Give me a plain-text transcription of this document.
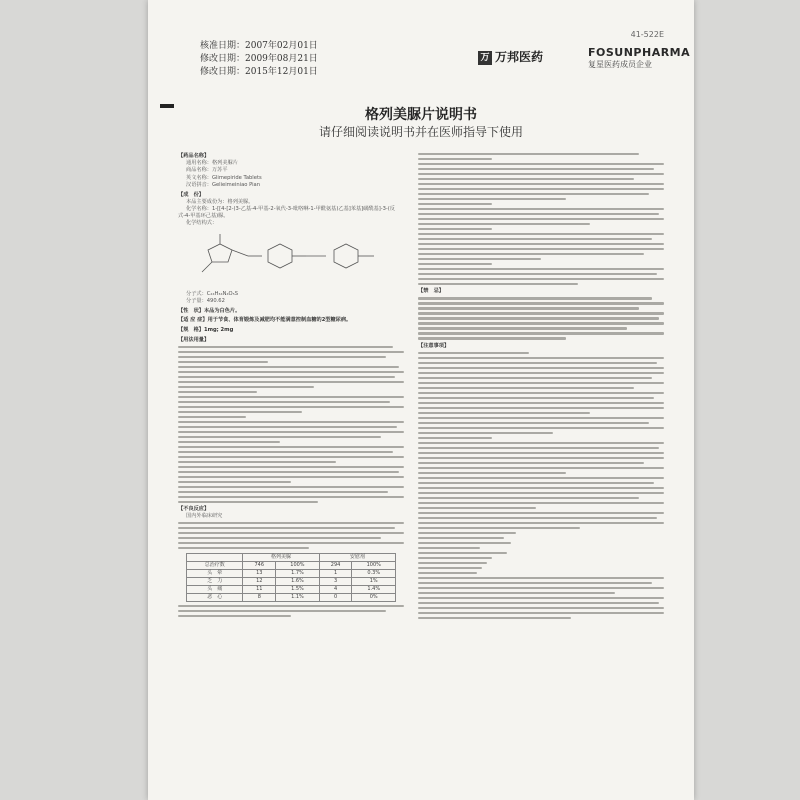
41-522E
核准日期：2007年02月01日
修改日期：2009年08月21日
修改日期：2015年12月01日
万 万邦医药	FOSUNPHARMA
复星医药成员企业
格列美脲片说明书
请仔细阅读说明书并在医师指导下使用
【药品名称】

通用名称：格列美脲片

商品名称：万苏平

英文名称：Glimepiride Tablets

汉语拼音：Gelieimeiniao Pian

【成　份】

本品主要成份为：格列美脲。

化学名称：1-[[4-[2-(3-乙基-4-甲基-2-氧代-3-吡咯啉-1-甲酰氨基)乙基]苯基]磺酰基]-3-(反式-4-甲基环己基)脲。

化学结构式：

分子式：C₂₄H₃₄N₄O₅S

分子量：490.62

【性　状】本品为白色片。
【适 应 症】用于节食、体育锻炼及减肥均不能满意控制血糖的2型糖尿病。
【规　格】1mg; 2mg
【用法用量】
【不良反应】

国内外临床研究

	格列美脲		安慰剂	
总治疗数	746	100%	294	100%
头　晕	13	1.7%	1	0.3%
乏　力	12	1.6%	3	1%
头　痛	11	1.5%	4	1.4%
恶　心	8	1.1%	0	0%
【禁　忌】
【注意事项】
